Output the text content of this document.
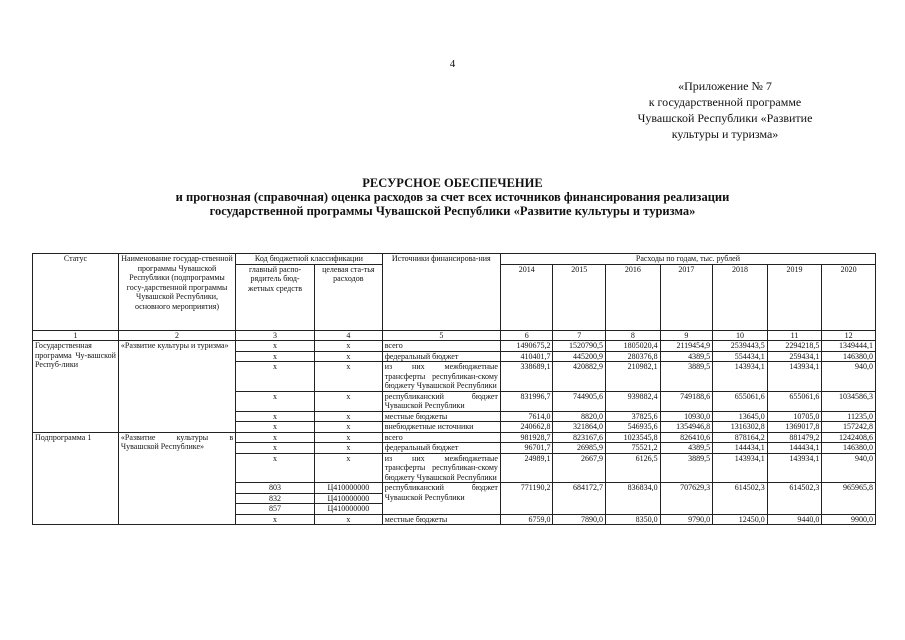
4
«Приложение № 7
к государственной программе
Чувашской Республики «Развитие
культуры и туризма»
РЕСУРСНОЕ ОБЕСПЕЧЕНИЕ
и прогнозная (справочная) оценка расходов за счет всех источников финансирования реализации
государственной программы Чувашской Республики «Развитие культуры и туризма»
Статус	Наименование государ-ственной программы Чувашской Республики (подпрограммы госу-дарственной программы Чувашской Республики, основного мероприятия)	Код бюджетной классификации		Источники финансирова-ния	Расходы по годам, тыс. рублей						
		главный распо-рядитель бюд-жетных средств	целевая ста-тья расходов		2014	2015	2016	2017	2018	2019	2020
1	2	3	4	5	6	7	8	9	10	11	12
Государственная программа Чу-вашской Респуб-лики	«Развитие культуры и туризма»	х	х	всего	1490675,2	1520790,5	1805020,4	2119454,9	2539443,5	2294218,5	1349444,1
		х	х	федеральный бюджет	410401,7	445200,9	280376,8	4389,5	554434,1	259434,1	146380,0
		х	х	из них межбюджетные трансферты республикан-скому бюджету Чувашской Республики	338689,1	420882,9	210982,1	3889,5	143934,1	143934,1	940,0
		х	х	республиканский бюджет Чувашской Республики	831996,7	744905,6	939882,4	749188,6	655061,6	655061,6	1034586,3
		х	х	местные бюджеты	7614,0	8820,0	37825,6	10930,0	13645,0	10705,0	11235,0
		х	х	внебюджетные источники	240662,8	321864,0	546935,6	1354946,8	1316302,8	1369017,8	157242,8
Подпрограмма 1	«Развитие культуры в Чувашской Республике»	х	х	всего	981928,7	823167,6	1023545,8	826410,6	878164,2	881479,2	1242408,6
		х	х	федеральный бюджет	96701,7	26985,9	75521,2	4389,5	144434,1	144434,1	146380,0
		х	х	из них межбюджетные трансферты республикан-скому бюджету Чувашской Республики	24989,1	2667,9	6126,5	3889,5	143934,1	143934,1	940,0
		803	Ц410000000	республиканский бюджет Чувашской Республики	771190,2	684172,7	836834,0	707629,3	614502,3	614502,3	965965,8
		832	Ц410000000								
		857	Ц410000000								
		х	х	местные бюджеты	6759,0	7890,0	8350,0	9790,0	12450,0	9440,0	9900,0
